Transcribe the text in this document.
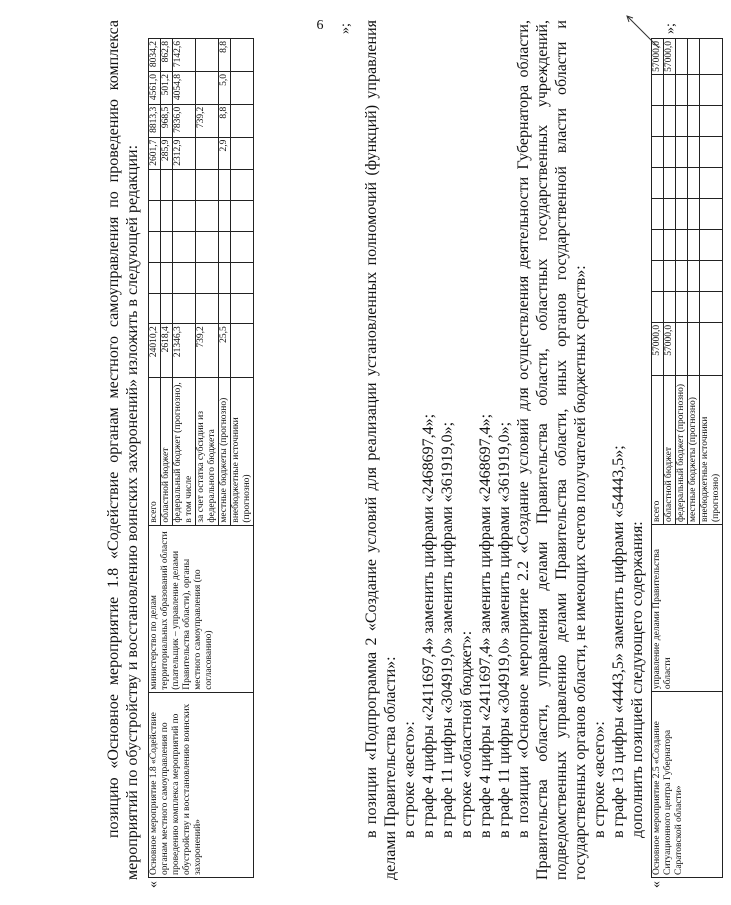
6

позицию «Основное мероприятие 1.8 «Содействие органам местного самоуправления по проведению комплекса мероприятий по обустройству и восстановлению воинских захоронений» изложить в следующей редакции:

«
Основное мероприятие 1.8 «Содействие органам местного самоуправления по проведению комплекса мероприятий по обустройству и восстановлению воинских захоронений»	министерство по делам территориальных образований области (плательщик – управление делами Правительства области), органы местного самоуправления (по согласованию)	всего	24010,2						2601,7	8813,3	4561,0	8034,2
		областной бюджет	2618,4						285,9	968,5	501,2	862,8
		федеральный бюджет (прогнозно), в том числе	21346,3						2312,9	7836,0	4054,8	7142,6
		за счет остатка субсидии из федерального бюджета	739,2							739,2		
		местные бюджеты (прогнозно)	25,5						2,9	8,8	5,0	8,8
		внебюджетные источники (прогнозно)										
»; в позиции «Подпрограмма 2 «Создание условий для реализации установленных полномочий (функций) управления делами Правительства области»: в строке «всего»: в графе 4 цифры «2411697,4» заменить цифрами «2468697,4»; в графе 11 цифры «304919,0» заменить цифрами «361919,0»; в строке «областной бюджет»: в графе 4 цифры «2411697,4» заменить цифрами «2468697,4»; в графе 11 цифры «304919,0» заменить цифрами «361919,0»; в позиции «Основное мероприятие 2.2 «Создание условий для осуществления деятельности Губернатора области, Правительства области, управления делами Правительства области, областных государственных учреждений, подведомственных управлению делами Правительства области, иных органов государственной власти области и государственных органов области, не имеющих счетов получателей бюджетных средств»: в строке «всего»: в графе 13 цифры «4443,5» заменить цифрами «54443,5»; дополнить позицией следующего содержания:

«
Основное мероприятие 2.5 «Создание Ситуационного центра Губернатора Саратовской области»	управление делами Правительства области	всего	57000,0									57000,0
		областной бюджет	57000,0									57000,0
		федеральный бюджет (прогнозно)										
		местные бюджеты (прогнозно)										
		внебюджетные источники (прогнозно)										
»;
